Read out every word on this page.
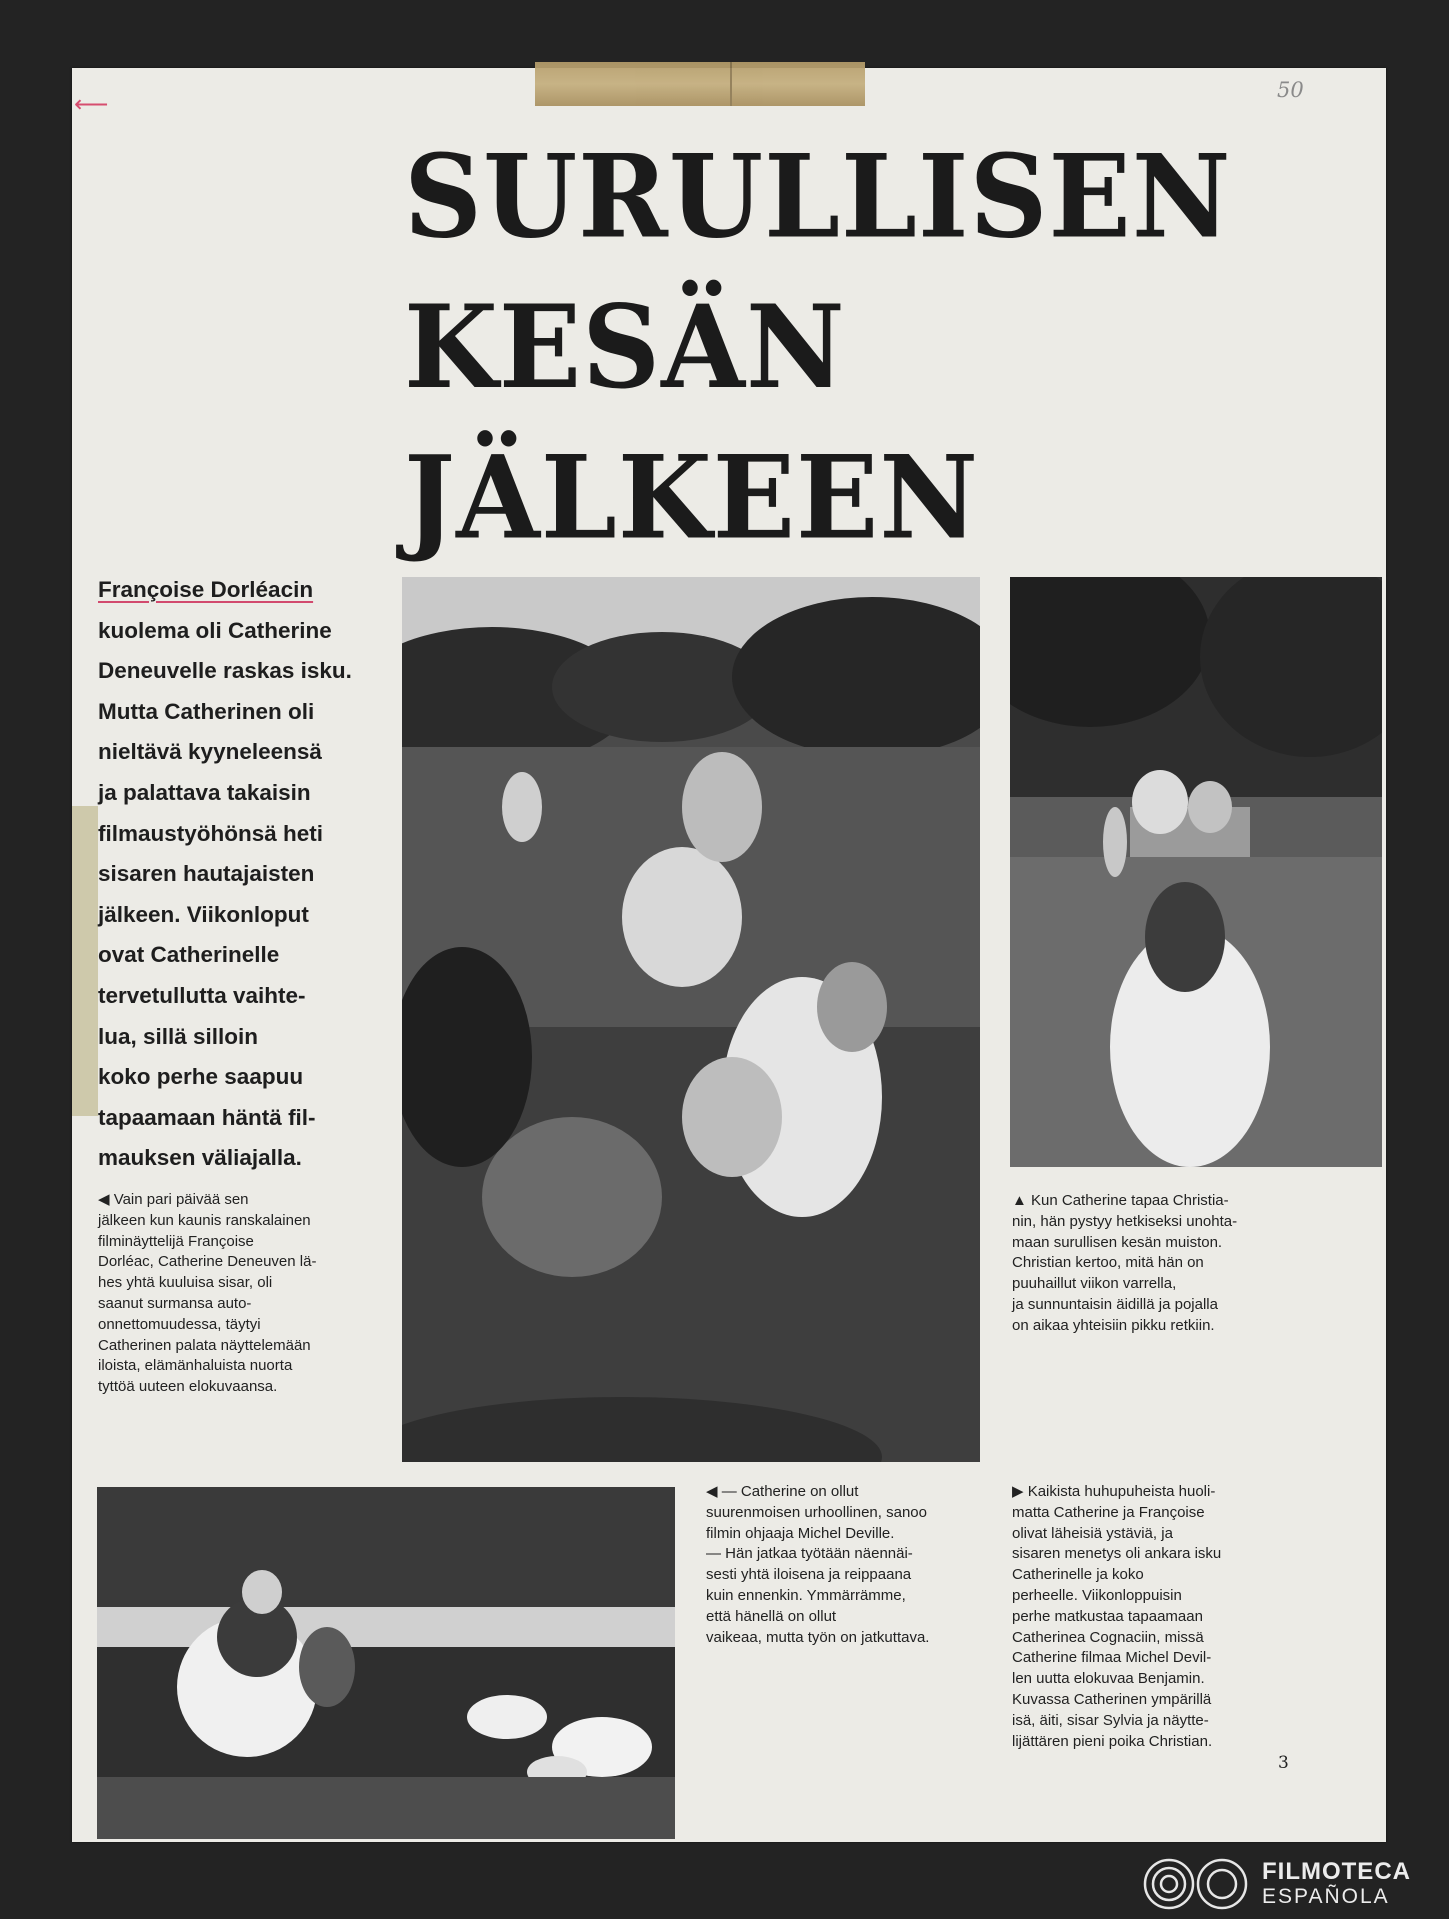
⟵
50
SURULLISEN
KESÄN
JÄLKEEN
Françoise Dorléacin
kuolema oli Catherine
Deneuvelle raskas isku.
Mutta Catherinen oli
nieltävä kyyneleensä
ja palattava takaisin
filmaustyöhönsä heti
sisaren hautajaisten
jälkeen. Viikonloput
ovat Catherinelle
tervetullutta vaihte-
lua, sillä silloin
koko perhe saapuu
tapaamaan häntä fil-
mauksen väliajalla.
◀ Vain pari päivää sen
jälkeen kun kaunis ranskalainen
filminäyttelijä Françoise
Dorléac, Catherine Deneuven lä-
hes yhtä kuuluisa sisar, oli
saanut surmansa auto-
onnettomuudessa, täytyi
Catherinen palata näyttelemään
iloista, elämänhaluista nuorta
tyttöä uuteen elokuvaansa.
▲ Kun Catherine tapaa Christia-
nin, hän pystyy hetkiseksi unohta-
maan surullisen kesän muiston.
Christian kertoo, mitä hän on
puuhaillut viikon varrella,
ja sunnuntaisin äidillä ja pojalla
on aikaa yhteisiin pikku retkiin.
◀ — Catherine on ollut
suurenmoisen urhoollinen, sanoo
filmin ohjaaja Michel Deville.
— Hän jatkaa työtään näennäi-
sesti yhtä iloisena ja reippaana
kuin ennenkin. Ymmärrämme,
että hänellä on ollut
vaikeaa, mutta työn on jatkuttava.
▶ Kaikista huhupuheista huoli-
matta Catherine ja Françoise
olivat läheisiä ystäviä, ja
sisaren menetys oli ankara isku
Catherinelle ja koko
perheelle. Viikonloppuisin
perhe matkustaa tapaamaan
Catherinea Cognaciin, missä
Catherine filmaa Michel Devil-
len uutta elokuvaa Benjamin.
Kuvassa Catherinen ympärillä
isä, äiti, sisar Sylvia ja näytte-
lijättären pieni poika Christian.
3
FILMOTECA
ESPAÑOLA
